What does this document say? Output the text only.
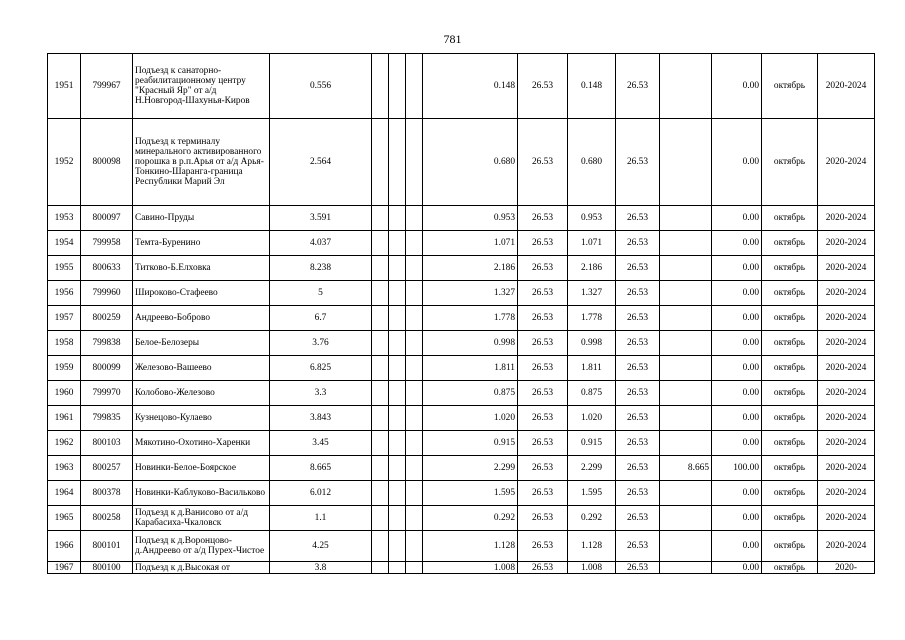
781
1951	799967	Подъезд к санаторно-реабилитационному центру "Красный Яр" от а/д Н.Новгород-Шахунья-Киров	0.556				0.148	26.53	0.148	26.53		0.00	октябрь	2020-2024
1952	800098	Подъезд к терминалу минерального активированного порошка в р.п.Арья от а/д Арья-Тонкино-Шаранга-граница Республики Марий Эл	2.564				0.680	26.53	0.680	26.53		0.00	октябрь	2020-2024
1953	800097	Савино-Пруды	3.591				0.953	26.53	0.953	26.53		0.00	октябрь	2020-2024
1954	799958	Темта-Буренино	4.037				1.071	26.53	1.071	26.53		0.00	октябрь	2020-2024
1955	800633	Титково-Б.Елховка	8.238				2.186	26.53	2.186	26.53		0.00	октябрь	2020-2024
1956	799960	Широково-Стафеево	5				1.327	26.53	1.327	26.53		0.00	октябрь	2020-2024
1957	800259	Андреево-Боброво	6.7				1.778	26.53	1.778	26.53		0.00	октябрь	2020-2024
1958	799838	Белое-Белозеры	3.76				0.998	26.53	0.998	26.53		0.00	октябрь	2020-2024
1959	800099	Железово-Вашеево	6.825				1.811	26.53	1.811	26.53		0.00	октябрь	2020-2024
1960	799970	Колобово-Железово	3.3				0.875	26.53	0.875	26.53		0.00	октябрь	2020-2024
1961	799835	Кузнецово-Кулаево	3.843				1.020	26.53	1.020	26.53		0.00	октябрь	2020-2024
1962	800103	Мякотино-Охотино-Харенки	3.45				0.915	26.53	0.915	26.53		0.00	октябрь	2020-2024
1963	800257	Новинки-Белое-Боярское	8.665				2.299	26.53	2.299	26.53	8.665	100.00	октябрь	2020-2024
1964	800378	Новинки-Каблуково-Васильково	6.012				1.595	26.53	1.595	26.53		0.00	октябрь	2020-2024
1965	800258	Подъезд к д.Ванисово от а/д Карабасиха-Чкаловск	1.1				0.292	26.53	0.292	26.53		0.00	октябрь	2020-2024
1966	800101	Подъезд к д.Воронцово-д.Андреево от а/д Пурех-Чистое	4.25				1.128	26.53	1.128	26.53		0.00	октябрь	2020-2024
1967	800100	Подъезд к д.Высокая от	3.8				1.008	26.53	1.008	26.53		0.00	октябрь	2020-
